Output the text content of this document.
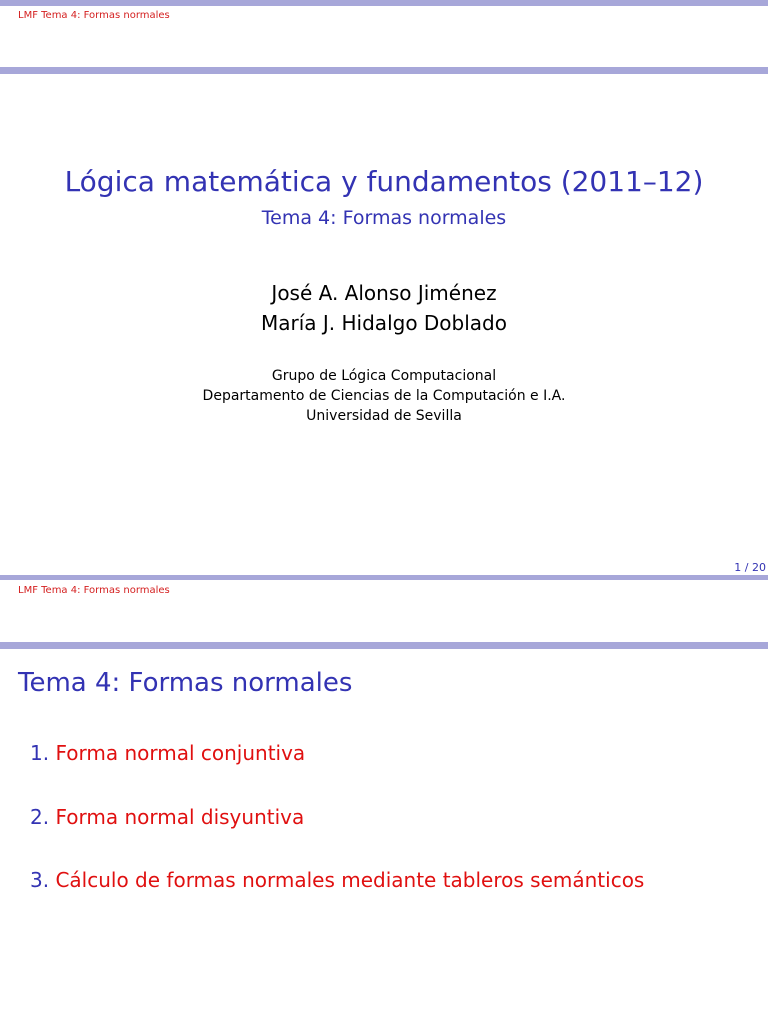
LMF Tema 4: Formas normales
Lógica matemática y fundamentos (2011–12)
Tema 4: Formas normales
José A. Alonso Jiménez
María J. Hidalgo Doblado
Grupo de Lógica Computacional
Departamento de Ciencias de la Computación e I.A.
Universidad de Sevilla
1 / 20
LMF Tema 4: Formas normales
Tema 4: Formas normales
1. Forma normal conjuntiva
2. Forma normal disyuntiva
3. Cálculo de formas normales mediante tableros semánticos
